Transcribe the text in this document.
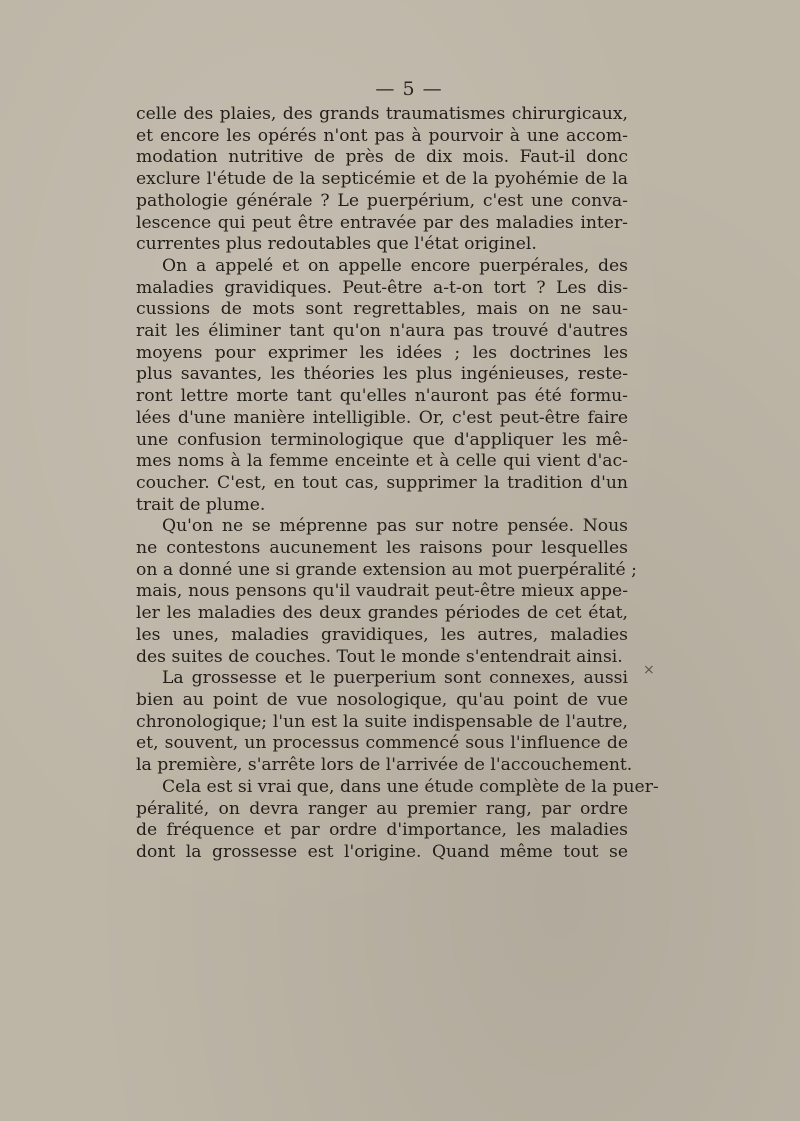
— 5 —
celle des plaies, des grands traumatismes chirurgicaux,
et encore les opérés n'ont pas à pourvoir à une accom-
modation nutritive de près de dix mois. Faut-il donc
exclure l'étude de la septicémie et de la pyohémie de la
pathologie générale ? Le puerpérium, c'est une conva-
lescence qui peut être entravée par des maladies inter-
currentes plus redoutables que l'état originel.
On a appelé et on appelle encore puerpérales, des
maladies gravidiques. Peut-être a-t-on tort ? Les dis-
cussions de mots sont regrettables, mais on ne sau-
rait les éliminer tant qu'on n'aura pas trouvé d'autres
moyens pour exprimer les idées ; les doctrines les
plus savantes, les théories les plus ingénieuses, reste-
ront lettre morte tant qu'elles n'auront pas été formu-
lées d'une manière intelligible. Or, c'est peut-être faire
une confusion terminologique que d'appliquer les mê-
mes noms à la femme enceinte et à celle qui vient d'ac-
coucher. C'est, en tout cas, supprimer la tradition d'un
trait de plume.
Qu'on ne se méprenne pas sur notre pensée. Nous
ne contestons aucunement les raisons pour lesquelles
on a donné une si grande extension au mot puerpéralité ;
mais, nous pensons qu'il vaudrait peut-être mieux appe-
ler les maladies des deux grandes périodes de cet état,
les unes, maladies gravidiques, les autres, maladies
des suites de couches. Tout le monde s'entendrait ainsi.
La grossesse et le puerperium sont connexes, aussi
bien au point de vue nosologique, qu'au point de vue
chronologique; l'un est la suite indispensable de l'autre,
et, souvent, un processus commencé sous l'influence de
la première, s'arrête lors de l'arrivée de l'accouchement.
Cela est si vrai que, dans une étude complète de la puer-
péralité, on devra ranger au premier rang, par ordre
de fréquence et par ordre d'importance, les maladies
dont la grossesse est l'origine. Quand même tout se
×
